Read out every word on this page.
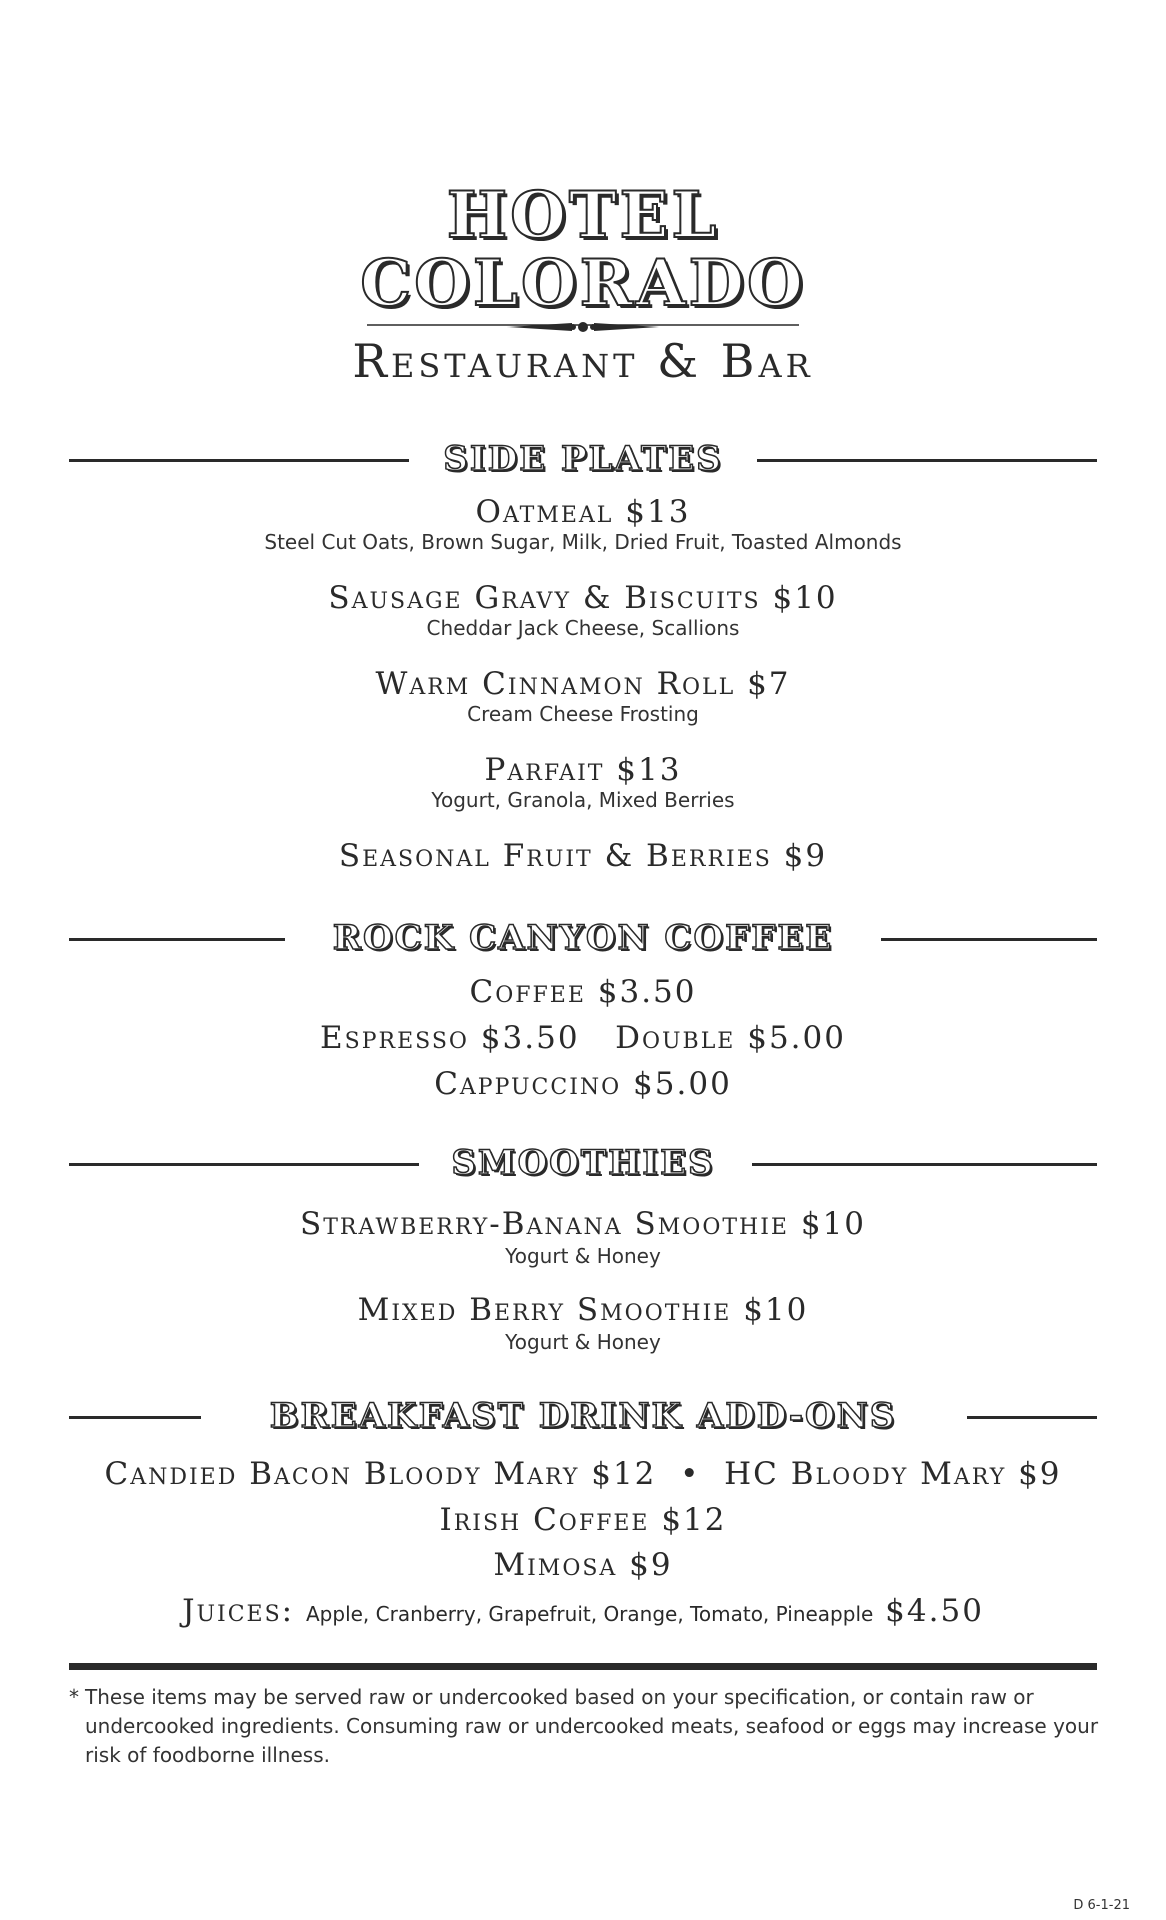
HOTEL
COLORADO
Restaurant & Bar
SIDE PLATES
Oatmeal $13
Steel Cut Oats, Brown Sugar, Milk, Dried Fruit, Toasted Almonds
Sausage Gravy & Biscuits $10
Cheddar Jack Cheese, Scallions
Warm Cinnamon Roll $7
Cream Cheese Frosting
Parfait $13
Yogurt, Granola, Mixed Berries
Seasonal Fruit & Berries $9
ROCK CANYON COFFEE
Coffee $3.50
Espresso $3.50   Double $5.00
Cappuccino $5.00
SMOOTHIES
Strawberry-Banana Smoothie $10
Yogurt & Honey
Mixed Berry Smoothie $10
Yogurt & Honey
BREAKFAST DRINK ADD-ONS
Candied Bacon Bloody Mary $12  •  HC Bloody Mary $9
Irish Coffee $12
Mimosa $9
Juices: Apple, Cranberry, Grapefruit, Orange, Tomato, Pineapple $4.50
* These items may be served raw or undercooked based on your specification, or contain raw or undercooked ingredients. Consuming raw or undercooked meats, seafood or eggs may increase your risk of foodborne illness.
D 6-1-21
